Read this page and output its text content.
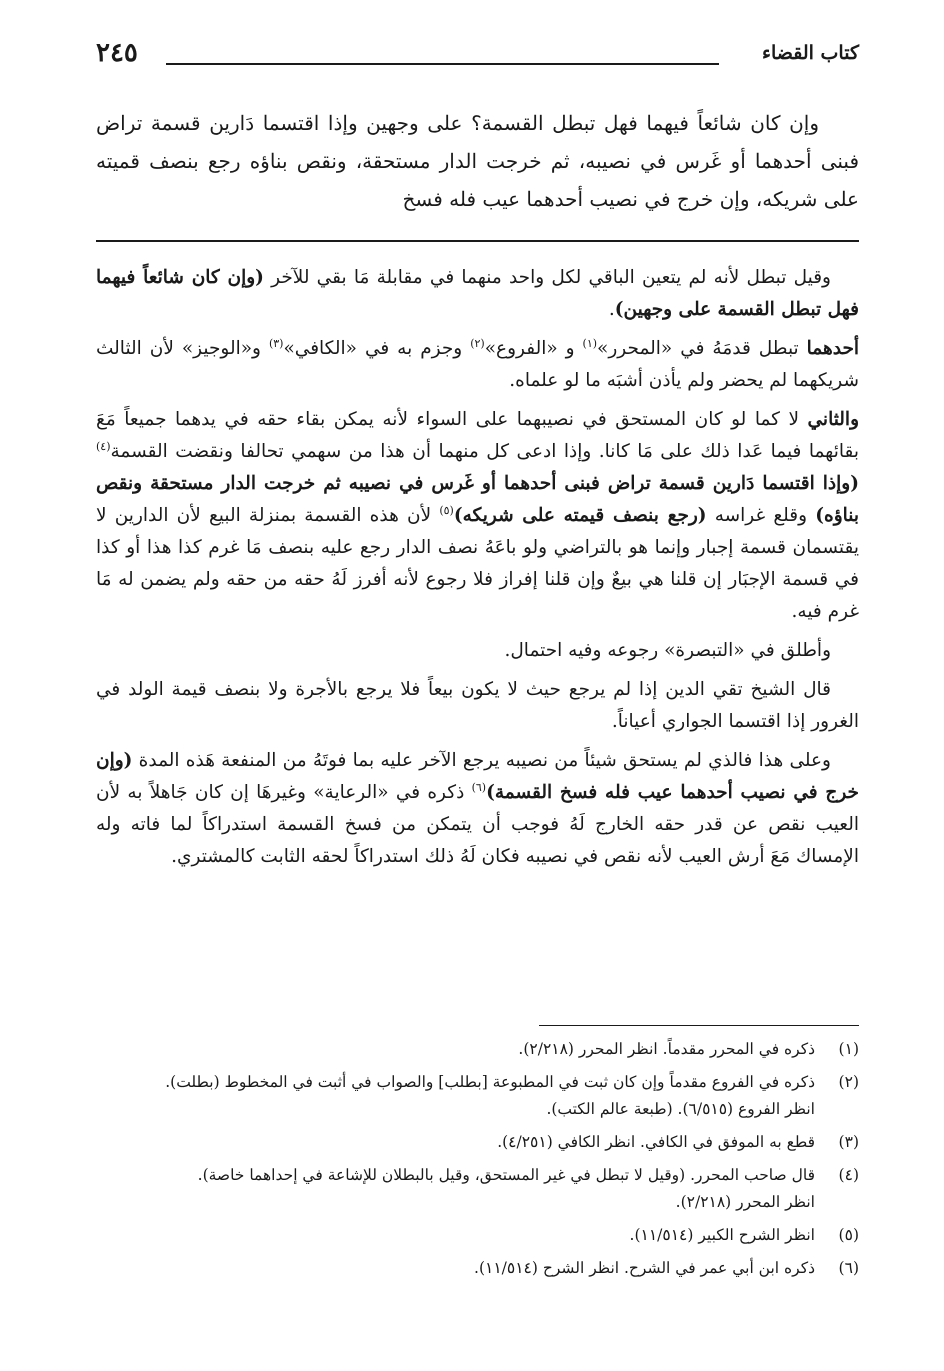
كتاب القضاء
٢٤٥

وإن كان شائعاً فيهما فهل تبطل القسمة؟ على وجهين وإذا اقتسما دَارين قسمة تراض فبنى أحدهما أو غَرس في نصيبه، ثم خرجت الدار مستحقة، ونقص بناؤه رجع بنصف قميته على شريكه، وإن خرج في نصيب أحدهما عيب فله فسخ

وقيل تبطل لأنه لم يتعين الباقي لكل واحد منهما في مقابلة مَا بقي للآخر (وإن كان شائعاً فيهما فهل تبطل القسمة على وجهين).

أحدهما تبطل قدمَهُ في «المحرر»$^{(١)}$ و «الفروع»$^{(٢)}$ وجزم به في «الكافي»$^{(٣)}$ و«الوجيز» لأن الثالث شريكهما لم يحضر ولم يأذن أشبَه ما لو علماه.

والثاني لا كما لو كان المستحق في نصيبهما على السواء لأنه يمكن بقاء حقه في يدهما جميعاً مَعَ بقائهما فيما عَدا ذلك على مَا كانا. وإذا ادعى كل منهما أن هذا من سهمي تحالفا ونقضت القسمة$^{(٤)}$ (وإذا اقتسما دَارين قسمة تراض فبنى أحدهما أو غَرس في نصيبه ثم خرجت الدار مستحقة ونقص بناؤه) وقلع غراسه (رجع بنصف قيمته على شريكه)$^{(٥)}$ لأن هذه القسمة بمنزلة البيع لأن الدارين لا يقتسمان قسمة إجبار وإنما هو بالتراضي ولو باعَهُ نصف الدار رجع عليه بنصف مَا غرم كذا هذا أو كذا في قسمة الإجبَار إن قلنا هي بيعٌ وإن قلنا إفراز فلا رجوع لأنه أفرز لَهُ حقه من حقه ولم يضمن له مَا غرم فيه.

وأطلق في «التبصرة» رجوعه وفيه احتمال.

قال الشيخ تقي الدين إذا لم يرجع حيث لا يكون بيعاً فلا يرجع بالأجرة ولا بنصف قيمة الولد في الغرور إذا اقتسما الجواري أعياناً.

وعلى هذا فالذي لم يستحق شيئاً من نصيبه يرجع الآخر عليه بما فوتَهُ من المنفعة هَذه المدة (وإن خرج في نصيب أحدهما عيب فله فسخ القسمة)$^{(٦)}$ ذكره في «الرعاية» وغيرهَا إن كان جَاهلاً به لأن العيب نقص عن قدر حقه الخارج لَهُ فوجب أن يتمكن من فسخ القسمة استدراكاً لما فاته وله الإمساك مَعَ أرش العيب لأنه نقص في نصيبه فكان لَهُ ذلك استدراكاً لحقه الثابت كالمشتري.

(١)
ذكره في المحرر مقدماً. انظر المحرر (٢/٢١٨).
(٢)
ذكره في الفروع مقدماً وإن كان ثبت في المطبوعة [بطلب] والصواب في أثبت في المخطوط (بطلت).
انظر الفروع (٦/٥١٥). (طبعة عالم الكتب).
(٣)
قطع به الموفق في الكافي. انظر الكافي (٤/٢٥١).
(٤)
قال صاحب المحرر. (وقيل لا تبطل في غير المستحق، وقيل بالبطلان للإشاعة في إحداهما خاصة).
انظر المحرر (٢/٢١٨).
(٥)
انظر الشرح الكبير (١١/٥١٤).
(٦)
ذكره ابن أبي عمر في الشرح. انظر الشرح (١١/٥١٤).
